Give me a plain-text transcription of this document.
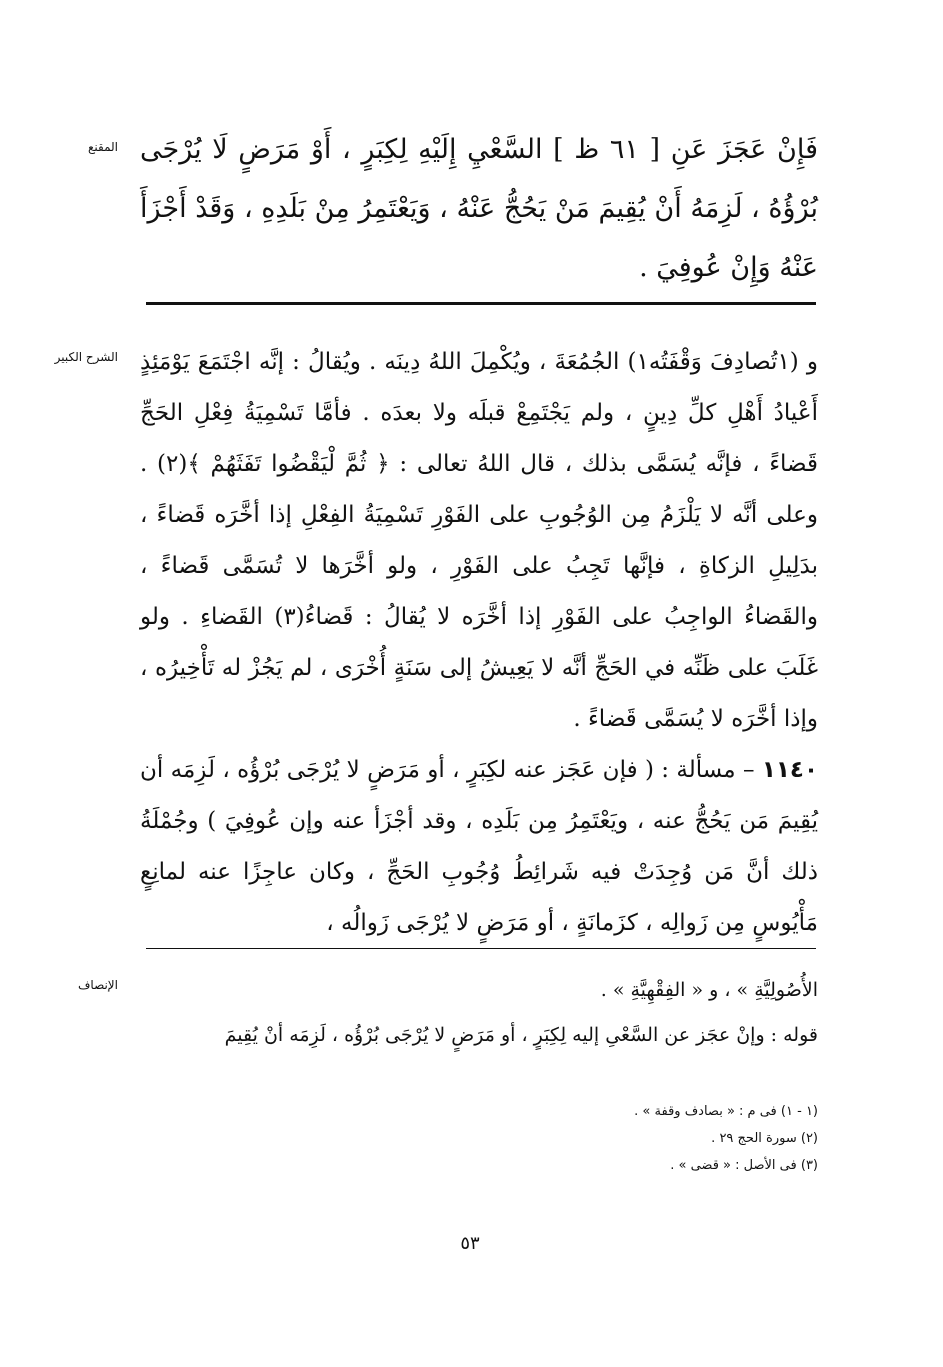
المقنع فَإِنْ عَجَزَ عَنِ [ ٦١ ظ ] السَّعْيِ إِلَيْهِ لِكِبَرٍ ، أَوْ مَرَضٍ لَا يُرْجَى بُرْؤُهُ ، لَزِمَهُ أَنْ يُقِيمَ مَنْ يَحُجُّ عَنْهُ ، وَيَعْتَمِرُ مِنْ بَلَدِهِ ، وَقَدْ أَجْزَأَ عَنْهُ وَإِنْ عُوفِيَ .
الشرح الكبير و (١تُصادِفَ وَقْفَتُه١) الجُمُعَةَ ، ويُكْمِلَ اللهُ دِينَه . ويُقالُ : إنَّه اجْتَمَعَ يَوْمَئِذٍ أَعْيادُ أَهْلِ كلِّ دِينٍ ، ولم يَجْتَمِعْ قبلَه ولا بعدَه . فأمَّا تَسْمِيَةُ فِعْلِ الحَجِّ قَضاءً ، فإنَّه يُسَمَّى بذلك ، قال اللهُ تعالى : ﴿ ثُمَّ لْيَقْضُوا تَفَثَهُمْ ﴾(٢) . وعلى أنَّه لا يَلْزَمُ مِن الوُجُوبِ على الفَوْرِ تَسْمِيَةُ الفِعْلِ إذا أخَّرَه قَضاءً ، بدَلِيلِ الزكاةِ ، فإنَّها تَجِبُ على الفَوْرِ ، ولو أخَّرَها لا تُسَمَّى قَضاءً ، والقَضاءُ الواجِبُ على الفَوْرِ إذا أخَّرَه لا يُقالُ : قَضاءُ(٣) القَضاءِ . ولو غَلَبَ على ظَنِّه في الحَجِّ أنَّه لا يَعِيشُ إلى سَنَةٍ أُخْرَى ، لم يَجُزْ له تَأْخِيرُه ، وإذا أخَّرَه لا يُسَمَّى قَضاءً .

١١٤٠ – مسألة : ( فإن عَجَز عنه لكِبَرٍ ، أو مَرَضٍ لا يُرْجَى بُرْؤُه ، لَزِمَه أن يُقِيمَ مَن يَحُجُّ عنه ، ويَعْتَمِرُ مِن بَلَدِه ، وقد أجْزَأ عنه وإن عُوفِيَ ) وجُمْلَةُ ذلك أنَّ مَن وُجِدَتْ فيه شَرائِطُ وُجُوبِ الحَجِّ ، وكان عاجِزًا عنه لمانِعٍ مَأْيُوسٍ مِن زَوالِه ، كزَمانَةٍ ، أو مَرَضٍ لا يُرْجَى زَوالُه ،

الإنصاف	الأُصُولِيَّةِ » ، و « الفِقْهِيَّةِ » .

قوله : وإنْ عجَز عن السَّعْىِ إليه لِكِبَرٍ ، أو مَرَضٍ لا يُرْجَى بُرْؤُه ، لَزِمَه أنْ يُقِيمَ

(١ - ١) فى م : « بصادف وقفة » .
(٢) سورة الحج ٢٩ .
(٣) فى الأصل : « قضى » .
٥٣
